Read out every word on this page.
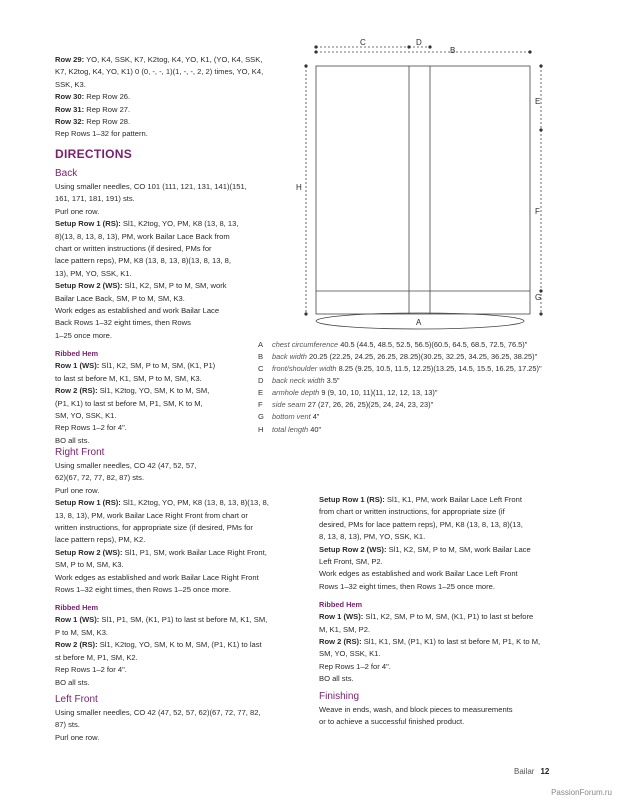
Row 29: YO, K4, SSK, K7, K2tog, K4, YO, K1, (YO, K4, SSK, K7, K2tog, K4, YO, K1) 0 (0, -, -, 1)(1, -, -, 2, 2) times, YO, K4, SSK, K3.

Row 30: Rep Row 26.

Row 31: Rep Row 27.

Row 32: Rep Row 28.

Rep Rows 1–32 for pattern.

DIRECTIONS

Back

Using smaller needles, CO 101 (111, 121, 131, 141)(151,
161, 171, 181, 191) sts.
Purl one row.

Setup Row 1 (RS): Sl1, K2tog, YO, PM, K8 (13, 8, 13,
8)(13, 8, 13, 8, 13), PM, work Bailar Lace Back from
chart or written instructions (if desired, PMs for
lace pattern reps), PM, K8 (13, 8, 13, 8)(13, 8, 13, 8,
13), PM, YO, SSK, K1.

Setup Row 2 (WS): Sl1, K2, SM, P to M, SM, work
Bailar Lace Back, SM, P to M, SM, K3.

Work edges as established and work Bailar Lace
Back Rows 1–32 eight times, then Rows
1–25 once more.

Ribbed Hem

Row 1 (WS): Sl1, K2, SM, P to M, SM, (K1, P1)
to last st before M, K1, SM, P to M, SM, K3.

Row 2 (RS): Sl1, K2tog, YO, SM, K to M, SM,
(P1, K1) to last st before M, P1, SM, K to M,
SM, YO, SSK, K1.

Rep Rows 1–2 for 4".
BO all sts.

Right Front

Using smaller needles, CO 42 (47, 52, 57,
62)(67, 72, 77, 82, 87) sts.
Purl one row.

Setup Row 1 (RS): Sl1, K2tog, YO, PM, K8 (13, 8, 13, 8)(13, 8,
13, 8, 13), PM, work Bailar Lace Right Front from chart or
written instructions, for appropriate size (if desired, PMs for
lace pattern reps), PM, K2.

Setup Row 2 (WS): Sl1, P1, SM, work Bailar Lace Right Front,
SM, P to M, SM, K3.

Work edges as established and work Bailar Lace Right Front
Rows 1–32 eight times, then Rows 1–25 once more.

Ribbed Hem

Row 1 (WS): Sl1, P1, SM, (K1, P1) to last st before M, K1, SM,
P to M, SM, K3.

Row 2 (RS): Sl1, K2tog, YO, SM, K to M, SM, (P1, K1) to last
st before M, P1, SM, K2.

Rep Rows 1–2 for 4".
BO all sts.

Left Front

Using smaller needles, CO 42 (47, 52, 57, 62)(67, 72, 77, 82,
87) sts.
Purl one row.

Setup Row 1 (RS): Sl1, K1, PM, work Bailar Lace Left Front
from chart or written instructions, for appropriate size (if
desired, PMs for lace pattern reps), PM, K8 (13, 8, 13, 8)(13,
8, 13, 8, 13), PM, YO, SSK, K1.

Setup Row 2 (WS): Sl1, K2, SM, P to M, SM, work Bailar Lace
Left Front, SM, P2.

Work edges as established and work Bailar Lace Left Front
Rows 1–32 eight times, then Rows 1–25 once more.

Ribbed Hem

Row 1 (WS): Sl1, K2, SM, P to M, SM, (K1, P1) to last st before
M, K1, SM, P2.

Row 2 (RS): Sl1, K1, SM, (P1, K1) to last st before M, P1, K to M,
SM, YO, SSK, K1.

Rep Rows 1–2 for 4".
BO all sts.

Finishing

Weave in ends, wash, and block pieces to measurements
or to achieve a successful finished product.

C	D
B
H
E
F
G
A
A	chest circumference 40.5 (44.5, 48.5, 52.5, 56.5)(60.5, 64.5, 68.5, 72.5, 76.5)"
B	back width 20.25 (22.25, 24.25, 26.25, 28.25)(30.25, 32.25, 34.25, 36.25, 38.25)"
C	front/shoulder width 8.25 (9.25, 10.5, 11.5, 12.25)(13.25, 14.5, 15.5, 16.25, 17.25)"
D	back neck width 3.5"
E	armhole depth 9 (9, 10, 10, 11)(11, 12, 12, 13, 13)"
F	side seam 27 (27, 26, 26, 25)(25, 24, 24, 23, 23)"
G	bottom vent 4"
H	total length 40"
Bailar 12
PassionForum.ru
